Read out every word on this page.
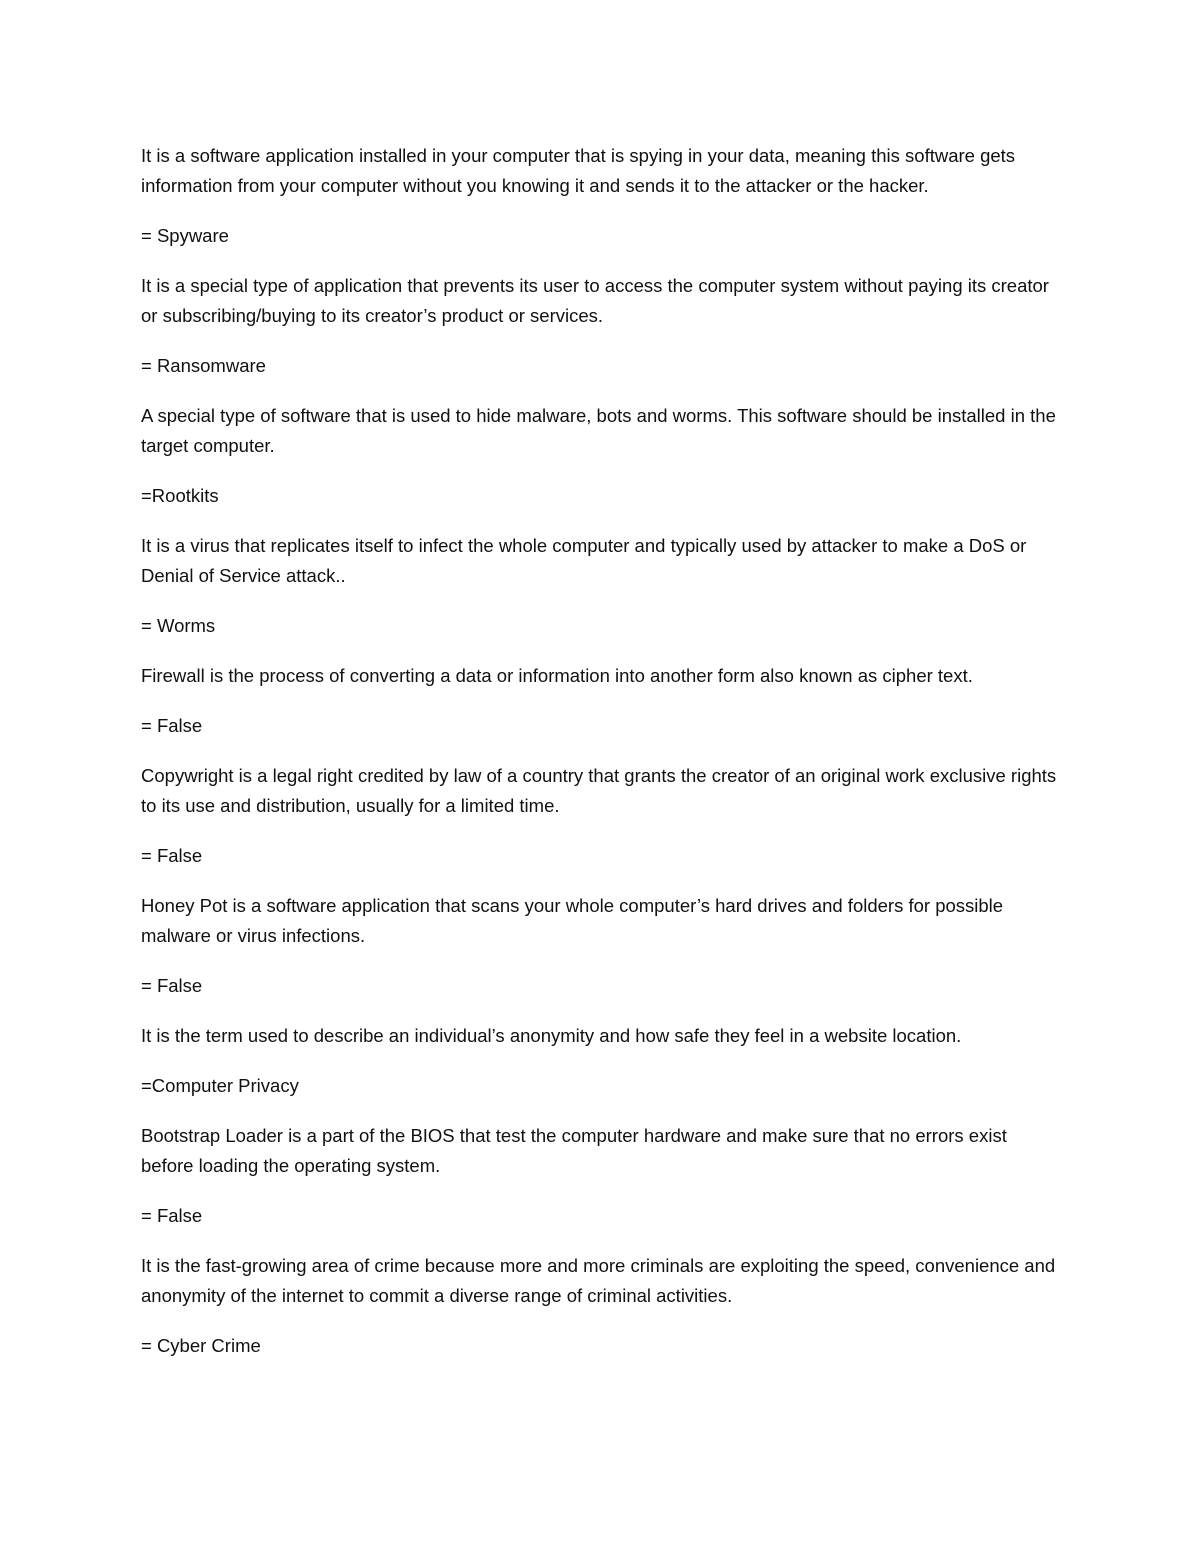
It is a software application installed in your computer that is spying in your data, meaning this software gets information from your computer without you knowing it and sends it to the attacker or the hacker.

= Spyware

It is a special type of application that prevents its user to access the computer system without paying its creator or subscribing/buying to its creator’s product or services.

= Ransomware

A special type of software that is used to hide malware, bots and worms. This software should be installed in the target computer.

=Rootkits

It is a virus that replicates itself to infect the whole computer and typically used by attacker to make a DoS or Denial of Service attack..

= Worms

Firewall is the process of converting a data or information into another form also known as cipher text.

= False

Copywright is a legal right credited by law of a country that grants the creator of an original work exclusive rights to its use and distribution, usually for a limited time.

= False

Honey Pot is a software application that scans your whole computer’s hard drives and folders for possible malware or virus infections.

= False

It is the term used to describe an individual’s anonymity and how safe they feel in a website location.

=Computer Privacy

Bootstrap Loader is a part of the BIOS that test the computer hardware and make sure that no errors exist before loading the operating system.

= False

It is the fast-growing area of crime because more and more criminals are exploiting the speed, convenience and anonymity of the internet to commit a diverse range of criminal activities.

= Cyber Crime
